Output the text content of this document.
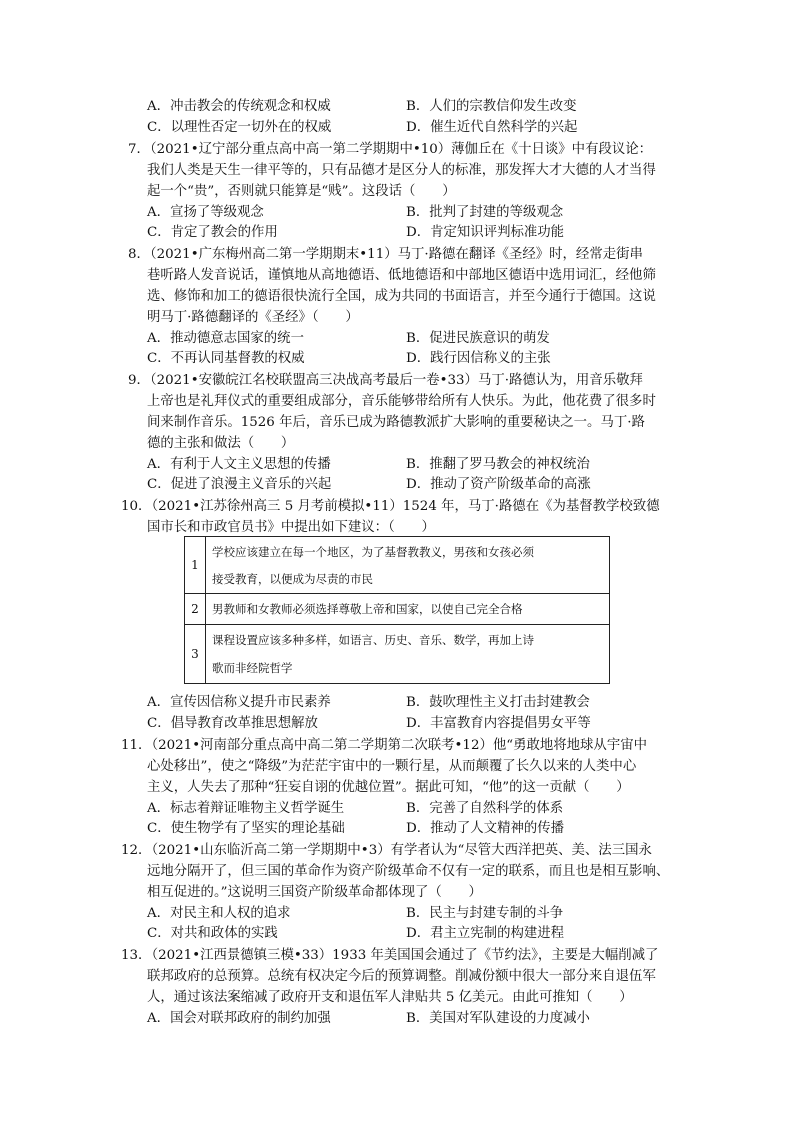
A．冲击教会的传统观念和权威	B．人们的宗教信仰发生改变
C．以理性否定一切外在的权威	D．催生近代自然科学的兴起
7．（2021•辽宁部分重点高中高一第二学期期中•10）薄伽丘在《十日谈》中有段议论：
我们人类是天生一律平等的，只有品德才是区分人的标准，那发挥大才大德的人才当得
起一个“贵”，否则就只能算是“贱”。这段话（　　）
A．宣扬了等级观念	B．批判了封建的等级观念
C．肯定了教会的作用	D．肯定知识评判标准功能
8．（2021•广东梅州高二第一学期期末•11）马丁·路德在翻译《圣经》时，经常走街串
巷听路人发音说话，谨慎地从高地德语、低地德语和中部地区德语中选用词汇，经他筛
选、修饰和加工的德语很快流行全国，成为共同的书面语言，并至今通行于德国。这说
明马丁·路德翻译的《圣经》（　　）
A．推动德意志国家的统一	B．促进民族意识的萌发
C．不再认同基督教的权威	D．践行因信称义的主张
9．（2021•安徽皖江名校联盟高三决战高考最后一卷•33）马丁·路德认为，用音乐敬拜
上帝也是礼拜仪式的重要组成部分，音乐能够带给所有人快乐。为此，他花费了很多时
间来制作音乐。1526 年后，音乐已成为路德教派扩大影响的重要秘诀之一。马丁·路
德的主张和做法（　　）
A．有利于人文主义思想的传播	B．推翻了罗马教会的神权统治
C．促进了浪漫主义音乐的兴起	D．推动了资产阶级革命的高涨
10．（2021•江苏徐州高三 5 月考前模拟•11）1524 年，马丁·路德在《为基督教学校致德
国市长和市政官员书》中提出如下建议：（　　）
1	学校应该建立在每一个地区，为了基督教教义，男孩和女孩必须
接受教育，以便成为尽责的市民
2	男教师和女教师必须选择尊敬上帝和国家，以使自己完全合格
3	课程设置应该多种多样，如语言、历史、音乐、数学，再加上诗
歌而非经院哲学
A．宣传因信称义提升市民素养	B．鼓吹理性主义打击封建教会
C．倡导教育改革推思想解放	D．丰富教育内容提倡男女平等
11．（2021•河南部分重点高中高二第二学期第二次联考•12）他“勇敢地将地球从宇宙中
心处移出”，使之“降级”为茫茫宇宙中的一颗行星，从而颠覆了长久以来的人类中心
主义，人失去了那种“狂妄自诩的优越位置”。据此可知，“他”的这一贡献（　　）
A．标志着辩证唯物主义哲学诞生	B．完善了自然科学的体系
C．使生物学有了坚实的理论基础	D．推动了人文精神的传播
12．（2021•山东临沂高二第一学期期中•3）有学者认为“尽管大西洋把英、美、法三国永
远地分隔开了，但三国的革命作为资产阶级革命不仅有一定的联系，而且也是相互影响、
相互促进的。”这说明三国资产阶级革命都体现了（　　）
A．对民主和人权的追求	B．民主与封建专制的斗争
C．对共和政体的实践	D．君主立宪制的构建进程
13．（2021•江西景德镇三模•33）1933 年美国国会通过了《节约法》，主要是大幅削减了
联邦政府的总预算。总统有权决定今后的预算调整。削减份额中很大一部分来自退伍军
人，通过该法案缩减了政府开支和退伍军人津贴共 5 亿美元。由此可推知（　　）
A．国会对联邦政府的制约加强	B．美国对军队建设的力度减小
